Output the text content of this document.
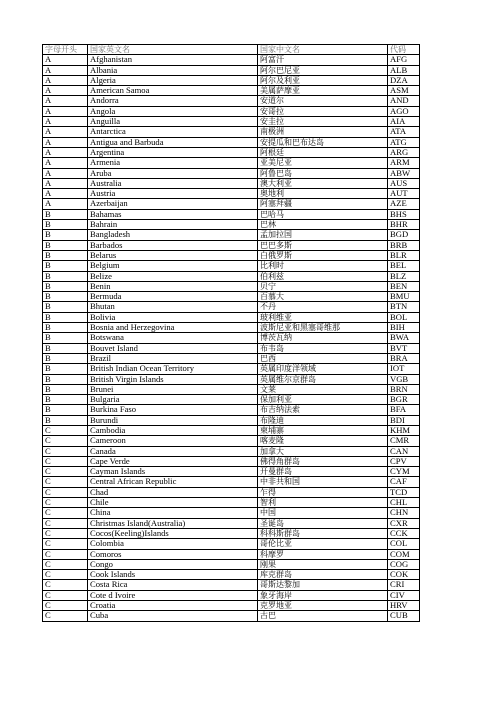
字母开头	国家英文名	国家中文名	代码
A	Afghanistan	阿富汗	AFG
A	Albania	阿尔巴尼亚	ALB
A	Algeria	阿尔及利亚	DZA
A	American Samoa	美属萨摩亚	ASM
A	Andorra	安道尔	AND
A	Angola	安哥拉	AGO
A	Anguilla	安圭拉	AIA
A	Antarctica	南极洲	ATA
A	Antigua and Barbuda	安提瓜和巴布达岛	ATG
A	Argentina	阿根廷	ARG
A	Armenia	亚美尼亚	ARM
A	Aruba	阿鲁巴岛	ABW
A	Australia	澳大利亚	AUS
A	Austria	奥地利	AUT
A	Azerbaijan	阿塞拜疆	AZE
B	Bahamas	巴哈马	BHS
B	Bahrain	巴林	BHR
B	Bangladesh	孟加拉国	BGD
B	Barbados	巴巴多斯	BRB
B	Belarus	白俄罗斯	BLR
B	Belgium	比利时	BEL
B	Belize	伯利兹	BLZ
B	Benin	贝宁	BEN
B	Bermuda	百慕大	BMU
B	Bhutan	不丹	BTN
B	Bolivia	玻利维亚	BOL
B	Bosnia and Herzegovina	波斯尼亚和黑塞哥维那	BIH
B	Botswana	博茨瓦纳	BWA
B	Bouvet Island	布韦岛	BVT
B	Brazil	巴西	BRA
B	British Indian Ocean Territory	英属印度洋领域	IOT
B	British Virgin Islands	英属维尔京群岛	VGB
B	Brunei	文莱	BRN
B	Bulgaria	保加利亚	BGR
B	Burkina Faso	布吉纳法索	BFA
B	Burundi	布隆迪	BDI
C	Cambodia	柬埔寨	KHM
C	Cameroon	喀麦隆	CMR
C	Canada	加拿大	CAN
C	Cape Verde	佛得角群岛	CPV
C	Cayman Islands	开曼群岛	CYM
C	Central African Republic	中非共和国	CAF
C	Chad	乍得	TCD
C	Chile	智利	CHL
C	China	中国	CHN
C	Christmas Island(Australia)	圣诞岛	CXR
C	Cocos(Keeling)Islands	科科斯群岛	CCK
C	Colombia	哥伦比亚	COL
C	Comoros	科摩罗	COM
C	Congo	刚果	COG
C	Cook Islands	库克群岛	COK
C	Costa Rica	哥斯达黎加	CRI
C	Cote d Ivoire	象牙海岸	CIV
C	Croatia	克罗地亚	HRV
C	Cuba	古巴	CUB
